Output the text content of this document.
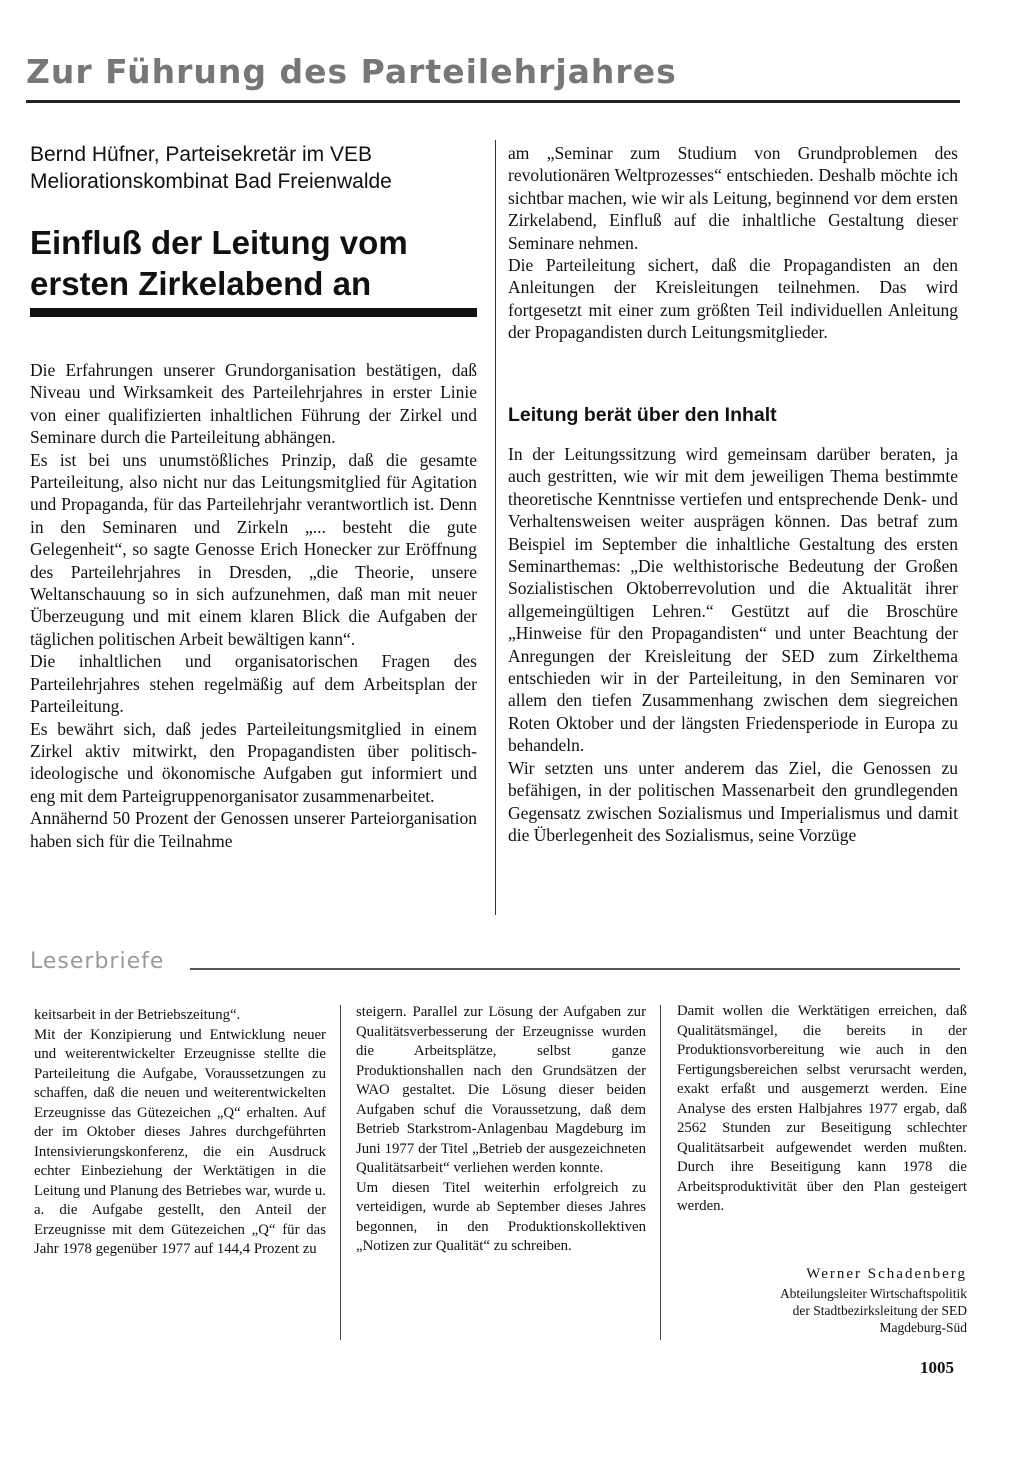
Zur Führung des Parteilehrjahres
Bernd Hüfner, Parteisekretär im VEB
Meliorationskombinat Bad Freienwalde
Einfluß der Leitung vom
ersten Zirkelabend an

Die Erfahrungen unserer Grundorganisation bestätigen, daß Niveau und Wirksamkeit des Parteilehrjahres in erster Linie von einer qualifizierten inhaltlichen Führung der Zirkel und Seminare durch die Parteileitung abhängen.

Es ist bei uns unumstößliches Prinzip, daß die gesamte Parteileitung, also nicht nur das Leitungsmitglied für Agitation und Propaganda, für das Parteilehrjahr verantwortlich ist. Denn in den Seminaren und Zirkeln „... besteht die gute Gelegenheit“, so sagte Genosse Erich Honecker zur Eröffnung des Parteilehrjahres in Dresden, „die Theorie, unsere Weltanschauung so in sich aufzunehmen, daß man mit neuer Überzeugung und mit einem klaren Blick die Aufgaben der täglichen politischen Arbeit bewältigen kann“.

Die inhaltlichen und organisatorischen Fragen des Parteilehrjahres stehen regelmäßig auf dem Arbeitsplan der Parteileitung.

Es bewährt sich, daß jedes Parteileitungsmitglied in einem Zirkel aktiv mitwirkt, den Propagandisten über politisch-ideologische und ökonomische Aufgaben gut informiert und eng mit dem Parteigruppenorganisator zusammenarbeitet.

Annähernd 50 Prozent der Genossen unserer Parteiorganisation haben sich für die Teilnahme

am „Seminar zum Studium von Grundproblemen des revolutionären Weltprozesses“ entschieden. Deshalb möchte ich sichtbar machen, wie wir als Leitung, beginnend vor dem ersten Zirkelabend, Einfluß auf die inhaltliche Gestaltung dieser Seminare nehmen.

Die Parteileitung sichert, daß die Propagandisten an den Anleitungen der Kreisleitungen teilnehmen. Das wird fortgesetzt mit einer zum größten Teil individuellen Anleitung der Propagandisten durch Leitungsmitglieder.

Leitung berät über den Inhalt

In der Leitungssitzung wird gemeinsam darüber beraten, ja auch gestritten, wie wir mit dem jeweiligen Thema bestimmte theoretische Kenntnisse vertiefen und entsprechende Denk- und Verhaltensweisen weiter ausprägen können. Das betraf zum Beispiel im September die inhaltliche Gestaltung des ersten Seminarthemas: „Die welthistorische Bedeutung der Großen Sozialistischen Oktoberrevolution und die Aktualität ihrer allgemeingültigen Lehren.“ Gestützt auf die Broschüre „Hinweise für den Propagandisten“ und unter Beachtung der Anregungen der Kreisleitung der SED zum Zirkelthema entschieden wir in der Parteileitung, in den Seminaren vor allem den tiefen Zusammenhang zwischen dem siegreichen Roten Oktober und der längsten Friedensperiode in Europa zu behandeln.

Wir setzten uns unter anderem das Ziel, die Genossen zu befähigen, in der politischen Massenarbeit den grundlegenden Gegensatz zwischen Sozialismus und Imperialismus und damit die Überlegenheit des Sozialismus, seine Vorzüge

Leserbriefe

keitsarbeit in der Betriebszeitung“.

Mit der Konzipierung und Entwicklung neuer und weiterentwickelter Erzeugnisse stellte die Parteileitung die Aufgabe, Voraussetzungen zu schaffen, daß die neuen und weiterentwickelten Erzeugnisse das Gütezeichen „Q“ erhalten. Auf der im Oktober dieses Jahres durchgeführten Intensivierungskonferenz, die ein Ausdruck echter Einbeziehung der Werktätigen in die Leitung und Planung des Betriebes war, wurde u. a. die Aufgabe gestellt, den Anteil der Erzeugnisse mit dem Gütezeichen „Q“ für das Jahr 1978 gegenüber 1977 auf 144,4 Prozent zu

steigern. Parallel zur Lösung der Aufgaben zur Qualitätsverbesserung der Erzeugnisse wurden die Arbeitsplätze, selbst ganze Produktionshallen nach den Grundsätzen der WAO gestaltet. Die Lösung dieser beiden Aufgaben schuf die Voraussetzung, daß dem Betrieb Starkstrom-Anlagenbau Magdeburg im Juni 1977 der Titel „Betrieb der ausgezeichneten Qualitätsarbeit“ verliehen werden konnte.

Um diesen Titel weiterhin erfolgreich zu verteidigen, wurde ab September dieses Jahres begonnen, in den Produktionskollektiven „Notizen zur Qualität“ zu schreiben.

Damit wollen die Werktätigen erreichen, daß Qualitätsmängel, die bereits in der Produktionsvorbereitung wie auch in den Fertigungsbereichen selbst verursacht werden, exakt erfaßt und ausgemerzt werden. Eine Analyse des ersten Halbjahres 1977 ergab, daß 2562 Stunden zur Beseitigung schlechter Qualitätsarbeit aufgewendet werden mußten. Durch ihre Beseitigung kann 1978 die Arbeitsproduktivität über den Plan gesteigert werden.

Werner Schadenberg
Abteilungsleiter Wirtschaftspolitik
der Stadtbezirksleitung der SED
Magdeburg-Süd
1005
